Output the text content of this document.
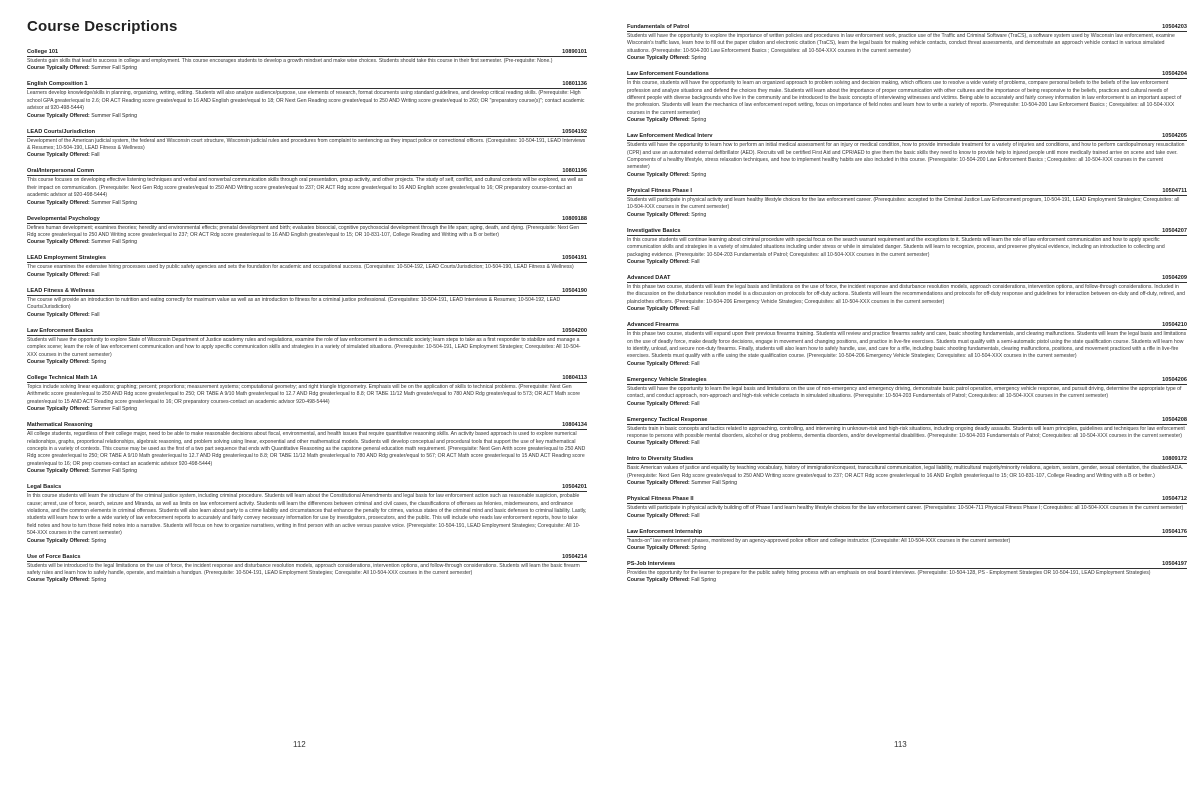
Course Descriptions
College 101	10890101
Students gain skills that lead to success in college and employment. This course encourages students to develop a growth mindset and make wise choices. Students should take this course in their first semester. (Pre-requisite: None.)
Course Typically Offered: Summer Fall Spring
English Composition 1	10801136
Learners develop knowledge/skills in planning, organizing, writing, editing. Students will also analyze audience/purpose, use elements of research, format documents using standard guidelines, and develop critical reading skills. (Prerequisite: High school GPA greater/equal to 2.6; OR ACT Reading score greater/equal to 16 AND English greater/equal to 18; OR Next Gen Reading score greater/equal to 250 AND Writing score greater/equal to 260; OR "preparatory course(s)"; contact academic advisor at 920-498-5444)
Course Typically Offered: Summer Fall Spring
LEAD Courts/Jurisdiction	10504192
Development of the American judicial system, the federal and Wisconsin court structure, Wisconsin judicial rules and procedures from complaint to sentencing as they impact police or correctional officers. (Corequisites: 10-504-191, LEAD Interviews & Resumes; 10-504-190, LEAD Fitness & Wellness)
Course Typically Offered: Fall
Oral/Interpersonal Comm	10801196
This course focuses on developing effective listening techniques and verbal and nonverbal communication skills through oral presentation, group activity, and other projects. The study of self, conflict, and cultural contexts will be explored, as well as their impact on communication. (Prerequisite: Next Gen Rdg score greater/equal to 250 AND Writing score greater/equal to 237; OR ACT Rdg score greater/equal to 16 AND English score greater/equal to 16; OR preparatory course-contact an academic advisor at 920-498-5444)
Course Typically Offered: Summer Fall Spring
Developmental Psychology	10809188
Defines human development; examines theories; heredity and environmental effects; prenatal development and birth; evaluates biosocial, cognitive psychosocial development through the life span; aging, death, and dying. (Prerequisite: Next Gen Rdg score greater/equal to 250 AND Writing score greater/equal to 237; OR ACT Rdg score greater/equal to 16 AND English greater/equal to 15; OR 10-831-107, College Reading and Writing with a B or better)
Course Typically Offered: Summer Fall Spring
LEAD Employment Strategies	10504191
The course examines the extensive hiring processes used by public safety agencies and sets the foundation for academic and occupational success. (Corequisites: 10-504-192, LEAD Courts/Jurisdiction; 10-504-190, LEAD Fitness & Wellness)
Course Typically Offered: Fall
LEAD Fitness & Wellness	10504190
The course will provide an introduction to nutrition and eating correctly for maximum value as well as an introduction to fitness for a criminal justice professional. (Corequisites: 10-504-191, LEAD Interviews & Resumes; 10-504-192, LEAD Courts/Jurisdiction)
Course Typically Offered: Fall
Law Enforcement Basics	10504200
Students will have the opportunity to explore State of Wisconsin Department of Justice academy rules and regulations, examine the role of law enforcement in a democratic society; learn steps to take as a first responder to stabilize and manage a complex scene; learn the role of law enforcement communication and how to apply specific communication skills and strategies in a variety of simulated situations. (Prerequisite: 10-504-191, LEAD Employment Strategies; Corequisites: All 10-504-XXX courses in the current semester)
Course Typically Offered: Spring
College Technical Math 1A	10804113
Topics include solving linear equations; graphing; percent; proportions; measurement systems; computational geometry; and right triangle trigonometry. Emphasis will be on the application of skills to technical problems. (Prerequisite: Next Gen Arithmetic score greater/equal to 250 AND Rdg score greater/equal to 250; OR TABE A 9/10 Math greater/equal to 12.7 AND Rdg greater/equal to 8.8; OR TABE 11/12 Math greater/equal to 780 AND Rdg greater/equal to 573; OR ACT Math score greater/equal to 15 AND ACT Reading score greater/equal to 16; OR preparatory courses-contact an academic advisor 920-498-5444)
Course Typically Offered: Summer Fall Spring
Mathematical Reasoning	10804134
All college students, regardless of their college major, need to be able to make reasonable decisions about fiscal, environmental, and health issues that require quantitative reasoning skills. An activity based approach is used to explore numerical relationships, graphs, proportional relationships, algebraic reasoning, and problem solving using linear, exponential and other mathematical models. Students will develop conceptual and procedural tools that support the use of key mathematical concepts in a variety of contexts. This course may be used as the first of a two part sequence that ends with Quantitative Reasoning as the capstone general education math requirement. (Prerequisite: Next Gen Arith score greater/equal to 250 AND Rdg score greater/equal to 250; OR TABE A 9/10 Math greater/equal to 12.7 AND Rdg greater/equal to 8.8; OR TABE 11/12 Math greater/equal to 780 AND Rdg greater/equal to 567; OR ACT Math score greater/equal to 15 AND ACT Reading score greater/equal to 16; OR prep courses-contact an academic advisor 920-498-5444)
Course Typically Offered: Summer Fall Spring
Legal Basics	10504201
In this course students will learn the structure of the criminal justice system, including criminal procedure. Students will learn about the Constitutional Amendments and legal basis for law enforcement action such as reasonable suspicion, probable cause; arrest, use of force, search, seizure and Miranda, as well as limits on law enforcement activity. Students will learn the differences between criminal and civil cases, the classifications of offenses as felonies, misdemeanors, and ordinance violations, and the common elements in criminal offenses. Students will also learn about party to a crime liability and circumstances that enhance the penalty for crimes, various states of the criminal mind and basic defenses to criminal liability. Lastly, students will learn how to write a wide variety of law enforcement reports to accurately and fairly convey necessary information for use by investigators, prosecutors, and the public. This will include who reads law enforcement reports, how to take field notes and how to turn those field notes into a narrative. Students will focus on how to organize narratives, writing in first person with an active versus passive voice. (Prerequisite: 10-504-191, LEAD Employment Strategies; Corequisite: All 10-504-XXX courses in the current semester)
Course Typically Offered: Spring
Use of Force Basics	10504214
Students will be introduced to the legal limitations on the use of force, the incident response and disturbance resolution models, approach considerations, intervention options, and follow-through considerations. Students will learn the basic firearm safety rules and learn how to safely handle, operate, and maintain a handgun. (Prerequisite: 10-504-191, LEAD Employment Strategies; Corequisite: All 10-504-XXX courses in the current semester)
Course Typically Offered: Spring
Fundamentals of Patrol	10504203
Students will have the opportunity to explore the importance of written policies and procedures in law enforcement work, practice use of the Traffic and Criminal Software (TraCS), a software system used by Wisconsin law enforcement, examine Wisconsin's traffic laws, learn how to fill out the paper citation and electronic citation (TraCS), learn the legal basis for making vehicle contacts, conduct threat assessments, and demonstrate an approach vehicle contact in various simulated situations. (Prerequisite: 10-504-200 Law Enforcement Basics ; Corequisites: all 10-504-XXX courses in the current semester)
Course Typically Offered: Spring
Law Enforcement Foundations	10504204
In this course, students will have the opportunity to learn an organized approach to problem solving and decision making, which officers use to resolve a wide variety of problems, compare personal beliefs to the beliefs of the law enforcement profession and analyze situations and defend the choices they make. Students will learn about the importance of proper communication with other cultures and the importance of being responsive to the beliefs, practices and cultural needs of different people with diverse backgrounds who live in the community and be introduced to the basic concepts of interviewing witnesses and victims. Being able to accurately and fairly convey information in law enforcement is an important aspect of the profession. Students will learn the mechanics of law enforcement report writing, focus on importance of field notes and learn how to write a variety of reports. (Prerequisite: 10-504-200 Law Enforcement Basics ; Corequisites: all 10-504-XXX courses in the current semester)
Course Typically Offered: Spring
Law Enforcement Medical Interv	10504205
Students will have the opportunity to learn how to perform an initial medical assessment for an injury or medical condition, how to provide immediate treatment for a variety of injuries and conditions, and how to perform cardiopulmonary resuscitation (CPR) and use an automated external defibrillator (AED). Recruits will be certified First Aid and CPR/AED to give them the basic skills they need to know to provide help to injured people until more medically trained arrive on scene and take over. Components of a healthy lifestyle, stress relaxation techniques, and how to implement healthy habits are also included in this course. (Prerequisite: 10-504-200 Law Enforcement Basics ; Corequisites: all 10-504-XXX courses in the current semester)
Course Typically Offered: Spring
Physical Fitness Phase I	10504711
Students will participate in physical activity and learn healthy lifestyle choices for the law enforcement career. (Prerequisites: accepted to the Criminal Justice Law Enforcement program, 10-504-191, LEAD Employment Strategies; Corequisites: all 10-504-XXX courses in the current semester)
Course Typically Offered: Spring
Investigative Basics	10504207
In this course students will continue learning about criminal procedure with special focus on the search warrant requirement and the exceptions to it. Students will learn the role of law enforcement communication and how to apply specific communication skills and strategies in a variety of simulated situations including under stress or while in simulated danger. Students will learn to recognize, process, and preserve physical evidence, including an introduction to collecting and packaging evidence. (Prerequisite: 10-504-203 Fundamentals of Patrol; Corequisites: all 10-504-XXX courses in the current semester)
Course Typically Offered: Fall
Advanced DAAT	10504209
In this phase two course, students will learn the legal basis and limitations on the use of force, the incident response and disturbance resolution models, approach considerations, intervention options, and follow-through considerations. Included in the discussion on the disturbance resolution model is a discussion on protocols for off-duty actions. Students will learn the recommendations and protocols for off-duty response and guidelines for interaction between on-duty and off-duty, retired, and plainclothes officers. (Prerequisite: 10-504-206 Emergency Vehicle Strategies; Corequisites: all 10-504-XXX courses in the current semester)
Course Typically Offered: Fall
Advanced Firearms	10504210
In this phase two course, students will expand upon their previous firearms training. Students will review and practice firearms safety and care, basic shooting fundamentals, and clearing malfunctions. Students will learn the legal basis and limitations on the use of deadly force, make deadly force decisions, engage in movement and changing positions, and practice in live-fire exercises. Students must qualify with a semi-automatic pistol using the state qualification course. Students will learn how to identify, unload, and secure non-duty firearms. Finally, students will also learn how to safely handle, use, and care for a rifle, including basic shooting fundamentals, clearing malfunctions, positions, and movement practiced with a rifle in live-fire exercises. Students must qualify with a rifle using the state qualification course. (Prerequisite: 10-504-206 Emergency Vehicle Strategies; Corequisites: all 10-504-XXX courses in the current semester)
Course Typically Offered: Fall
Emergency Vehicle Strategies	10504206
Students will have the opportunity to learn the legal basis and limitations on the use of non-emergency and emergency driving, demonstrate basic patrol operation, emergency vehicle response, and pursuit driving, determine the appropriate type of contact, and conduct approach, non-approach and high-risk vehicle contacts in simulated situations. (Prerequisite: 10-504-203 Fundamentals of Patrol; Corequisites: all 10-504-XXX courses in the current semester)
Course Typically Offered: Fall
Emergency Tactical Response	10504208
Students train in basic concepts and tactics related to approaching, controlling, and intervening in unknown-risk and high-risk situations, including ongoing deadly assaults. Students will learn principles, guidelines and techniques for law enforcement response to persons with possible mental disorders, alcohol or drug problems, dementia disorders, and/or developmental disabilities. (Prerequisite: 10-504-203 Fundamentals of Patrol; Corequisites: all 10-504-XXX courses in the current semester)
Course Typically Offered: Fall
Intro to Diversity Studies	10809172
Basic American values of justice and equality by teaching vocabulary, history of immigration/conquest, transcultural communication, legal liability, multicultural majority/minority relations, ageism, sexism, gender, sexual orientation, the disabled/ADA. (Prerequisite: Next Gen Rdg score greater/equal to 250 AND Writing score greater/equal to 237; OR ACT Rdg score greater/equal to 16 AND English greater/equal to 15; OR 10-831-107, College Reading and Writing with a B or better.)
Course Typically Offered: Summer Fall Spring
Physical Fitness Phase II	10504712
Students will participate in physical activity building off of Phase I and learn healthy lifestyle choices for the law enforcement career. (Prerequisites: 10-504-711 Physical Fitness Phase I; Corequisites: all 10-504-XXX courses in the current semester)
Course Typically Offered: Fall
Law Enforcement Internship	10504176
"hands-on" law enforcement phases, monitored by an agency-approved police officer and college instructor. (Corequisite: All 10-504-XXX courses in the current semester)
Course Typically Offered: Spring
PS-Job Interviews	10504197
Provides the opportunity for the learner to prepare for the public safety hiring process with an emphasis on oral board interviews. (Prerequisite: 10-504-128, PS - Employment Strategies OR 10-504-191, LEAD Employment Strategies)
Course Typically Offered: Fall Spring
112	113
